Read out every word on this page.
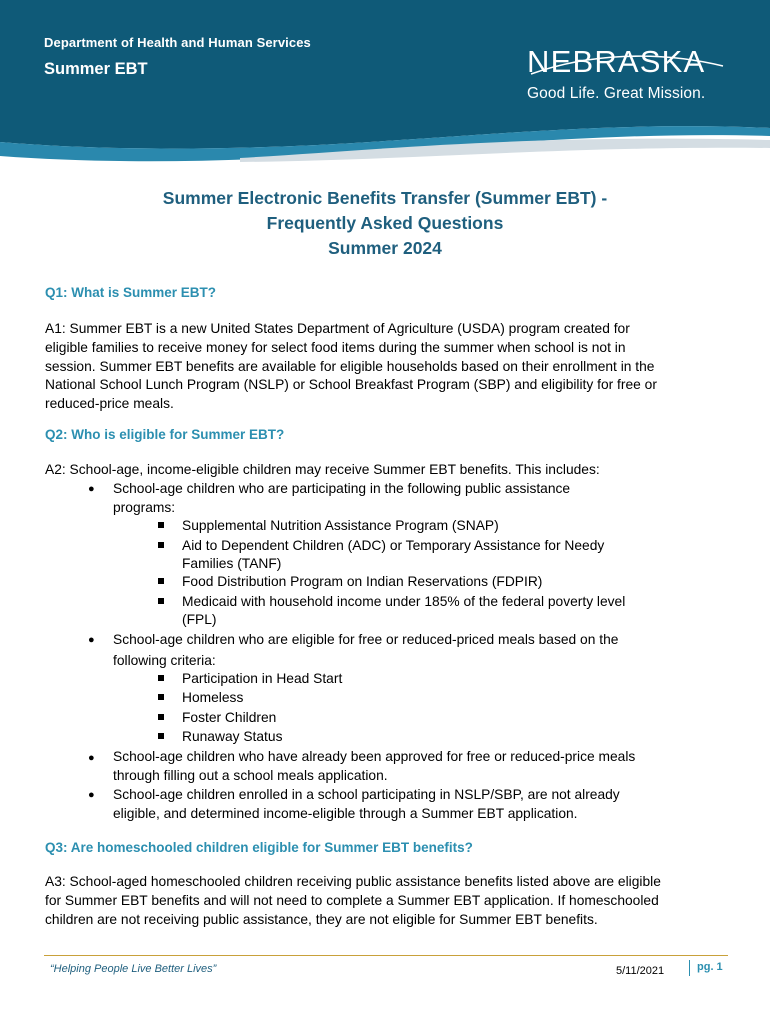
Department of Health and Human Services
Summer EBT	NEBRASKA
Good Life. Great Mission.
Summer Electronic Benefits Transfer (Summer EBT) -
Frequently Asked Questions
Summer 2024
Q1: What is Summer EBT?
A1: Summer EBT is a new United States Department of Agriculture (USDA) program created for
eligible families to receive money for select food items during the summer when school is not in
session. Summer EBT benefits are available for eligible households based on their enrollment in the
National School Lunch Program (NSLP) or School Breakfast Program (SBP) and eligibility for free or
reduced-price meals.
Q2: Who is eligible for Summer EBT?
A2: School-age, income-eligible children may receive Summer EBT benefits. This includes:
● School-age children who are participating in the following public assistance
programs:
Supplemental Nutrition Assistance Program (SNAP)
Aid to Dependent Children (ADC) or Temporary Assistance for Needy
Families (TANF)
Food Distribution Program on Indian Reservations (FDPIR)
Medicaid with household income under 185% of the federal poverty level
(FPL)
● School-age children who are eligible for free or reduced-priced meals based on the
following criteria:
Participation in Head Start
Homeless
Foster Children
Runaway Status
● School-age children who have already been approved for free or reduced-price meals
through filling out a school meals application.
● School-age children enrolled in a school participating in NSLP/SBP, are not already
eligible, and determined income-eligible through a Summer EBT application.
Q3: Are homeschooled children eligible for Summer EBT benefits?
A3: School-aged homeschooled children receiving public assistance benefits listed above are eligible
for Summer EBT benefits and will not need to complete a Summer EBT application. If homeschooled
children are not receiving public assistance, they are not eligible for Summer EBT benefits.
“Helping People Live Better Lives”	5/11/2021	pg. 1
